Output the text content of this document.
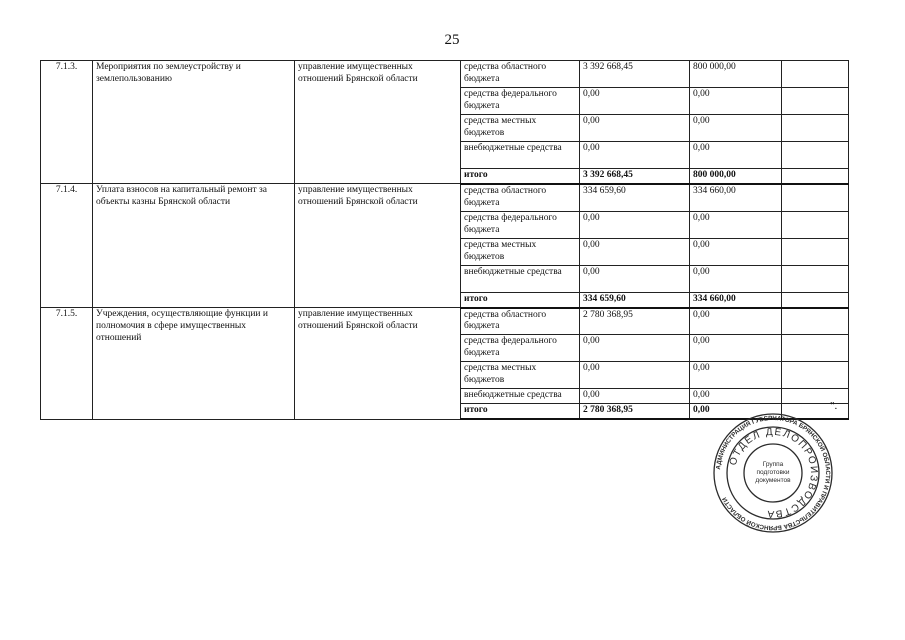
25
7.1.3.	Мероприятия по землеустройству и землепользованию	управление имущественных отношений Брянской области	средства областного бюджета	3 392 668,45	800 000,00	
			средства федерального бюджета	0,00	0,00	
			средства местных бюджетов	0,00	0,00	
			внебюджетные средства	0,00	0,00	
			итого	3 392 668,45	800 000,00	
7.1.4.	Уплата взносов на капитальный ремонт за объекты казны Брянской области	управление имущественных отношений Брянской области	средства областного бюджета	334 659,60	334 660,00	
			средства федерального бюджета	0,00	0,00	
			средства местных бюджетов	0,00	0,00	
			внебюджетные средства	0,00	0,00	
			итого	334 659,60	334 660,00	
7.1.5.	Учреждения, осуществляющие функции и полномочия в сфере имущественных отношений	управление имущественных отношений Брянской области	средства областного бюджета	2 780 368,95	0,00	
			средства федерального бюджета	0,00	0,00	
			средства местных бюджетов	0,00	0,00	
			внебюджетные средства	0,00	0,00	
			итого	2 780 368,95	0,00		".
АДМИНИСТРАЦИЯ ГУБЕРНАТОРА БРЯНСКОЙ ОБЛАСТИ И ПРАВИТЕЛЬСТВА БРЯНСКОЙ ОБЛАСТИ
ОТДЕЛ ДЕЛОПРОИЗВОДСТВА
Группа
подготовки
документов
